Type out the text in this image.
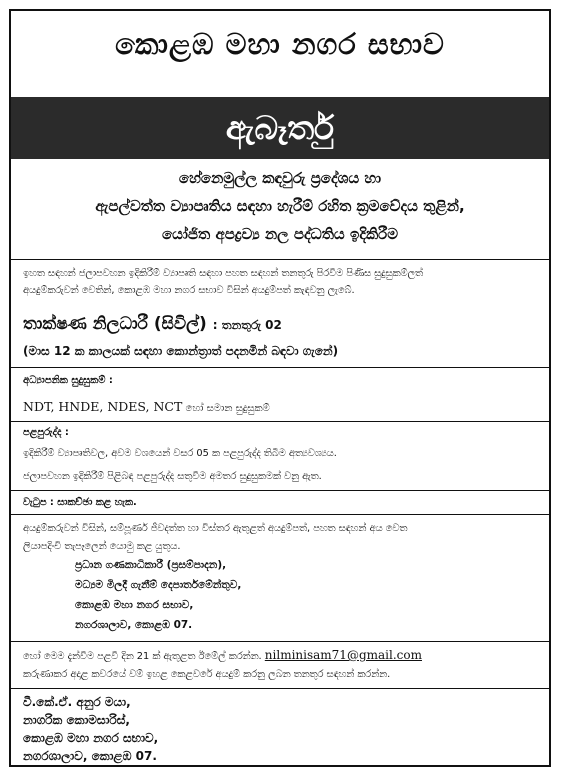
කොළඹ මහා නගර සභාව
ඇබෑර්තු
හේනෙමුල්ල කඳවුරු ප්‍රදේශය හා
ඇපල්වත්ත ව්‍යාපෘතිය සඳහා හැරීම් රහිත ක්‍රමවේදය තුළින්,
යෝජිත අපද්‍රව්‍ය නල පද්ධතිය ඉදිකිරීම
ඉහත සඳහන් ජලාපවහන ඉදිකිරීම් ව්‍යාපෘති සඳහා පහත සඳහන් තනතුරු පිරවීම පිණිස සුදුසුකම්ලත්
අයදුම්කරුවන් වෙතින්, කොළඹ මහා නගර සභාව විසින් අයදුම්පත් කැඳවනු ලැබේ.
තාක්ෂණ නිලධාරී (සිවිල්) : තනතුරු 02
(මාස 12 ක කාලයක් සඳහා කොන්ත්‍රාත් පදනමින් බඳවා ගැනේ)
අධ්‍යාපනික සුදුසුකම් :
NDT, HNDE, NDES, NCT හෝ සමාන සුදුසුකම්
පළපුරුද්ද :
ඉදිකිරීම් ව්‍යාපෘතිවල, අවම වශයෙන් වසර 05 ක පළපුරුද්ද තිබීම අත්‍යවශ්‍යය.
ජලාපවහන ඉදිකිරීම් පිළිබඳ පළපුරුද්ද සතුවීම අමතර සුදුසුකමක් වනු ඇත.
වැටුප : සාකච්ඡා කළ හැක.
අයදුම්කරුවන් විසින්, සම්පූර්ණ ජීවදත්ත හා විස්තර ඇතුළත් අයදුම්පත්, පහත සඳහන් අය වෙත
ලියාපදිංචි තැපෑලෙන් යොමු කළ යුතුය.
ප්‍රධාන ගණකාධිකාරී (ප්‍රසම්පාදන),
මධ්‍යම මිලදී ගැනීම් දෙපාර්තමේන්තුව,
කොළඹ මහා නගර සභාව,
නගරශාලාව, කොළඹ 07.
හෝ මෙම දැන්වීම පළවී දින 21 ක් ඇතුළත ඊමේල් කරන්න. nilminisam71@gmail.com
කරුණාකර අදාළ කවරයේ වම් ඉහළ කෙළවරේ අයදුම් කරනු ලබන තනතුර සඳහන් කරන්න.
වී.කේ.ඒ. අනුර මයා,
නාගරික කොමසාරිස්,
කොළඹ මහා නගර සභාව,
නගරශාලාව, කොළඹ 07.
